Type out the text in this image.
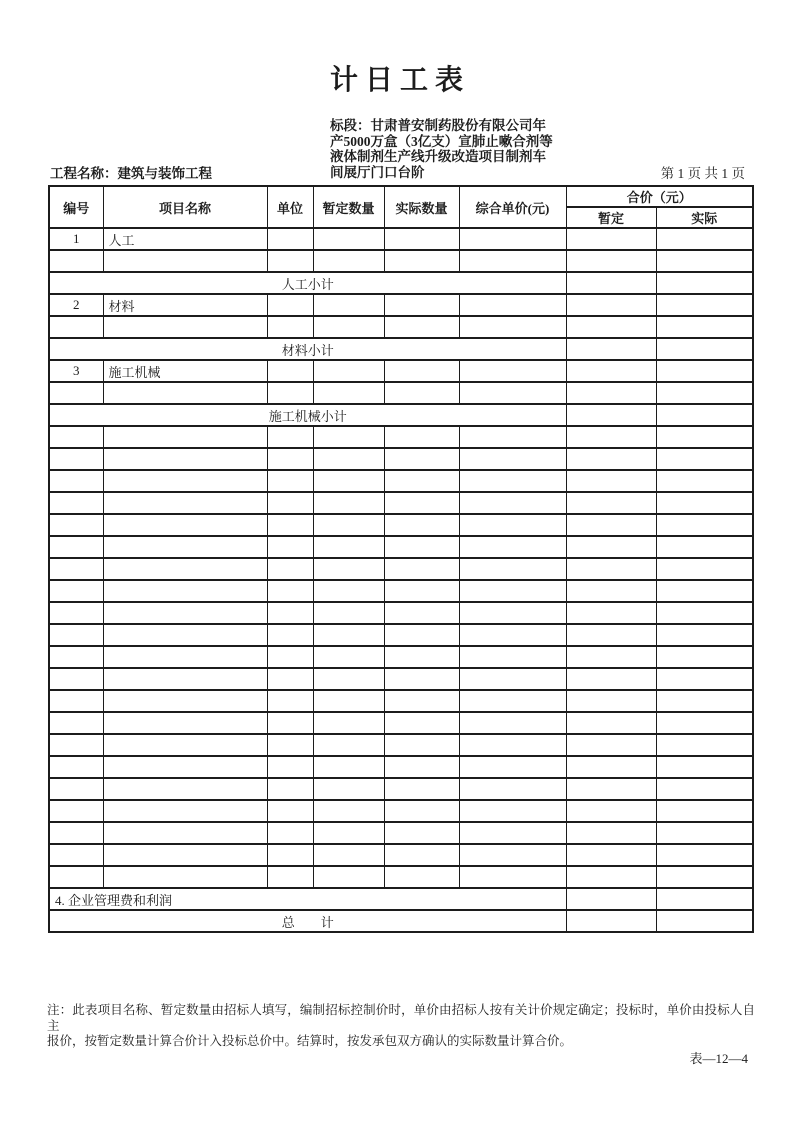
计日工表
标段：甘肃普安制药股份有限公司年
产5000万盒（3亿支）宣肺止嗽合剂等
液体制剂生产线升级改造项目制剂车
间展厅门口台阶
工程名称：建筑与装饰工程	第 1 页 共 1 页
编号	项目名称	单位	暂定数量	实际数量	综合单价(元)	合价（元）	
						暂定	实际
1	人工						

人工小计							
2	材料						

材料小计							
3	施工机械						

施工机械小计							

4. 企业管理费和利润							
总　　计							
注：此表项目名称、暂定数量由招标人填写，编制招标控制价时，单价由招标人按有关计价规定确定；投标时，单价由投标人自主
报价，按暂定数量计算合价计入投标总价中。结算时，按发承包双方确认的实际数量计算合价。
表—12—4
